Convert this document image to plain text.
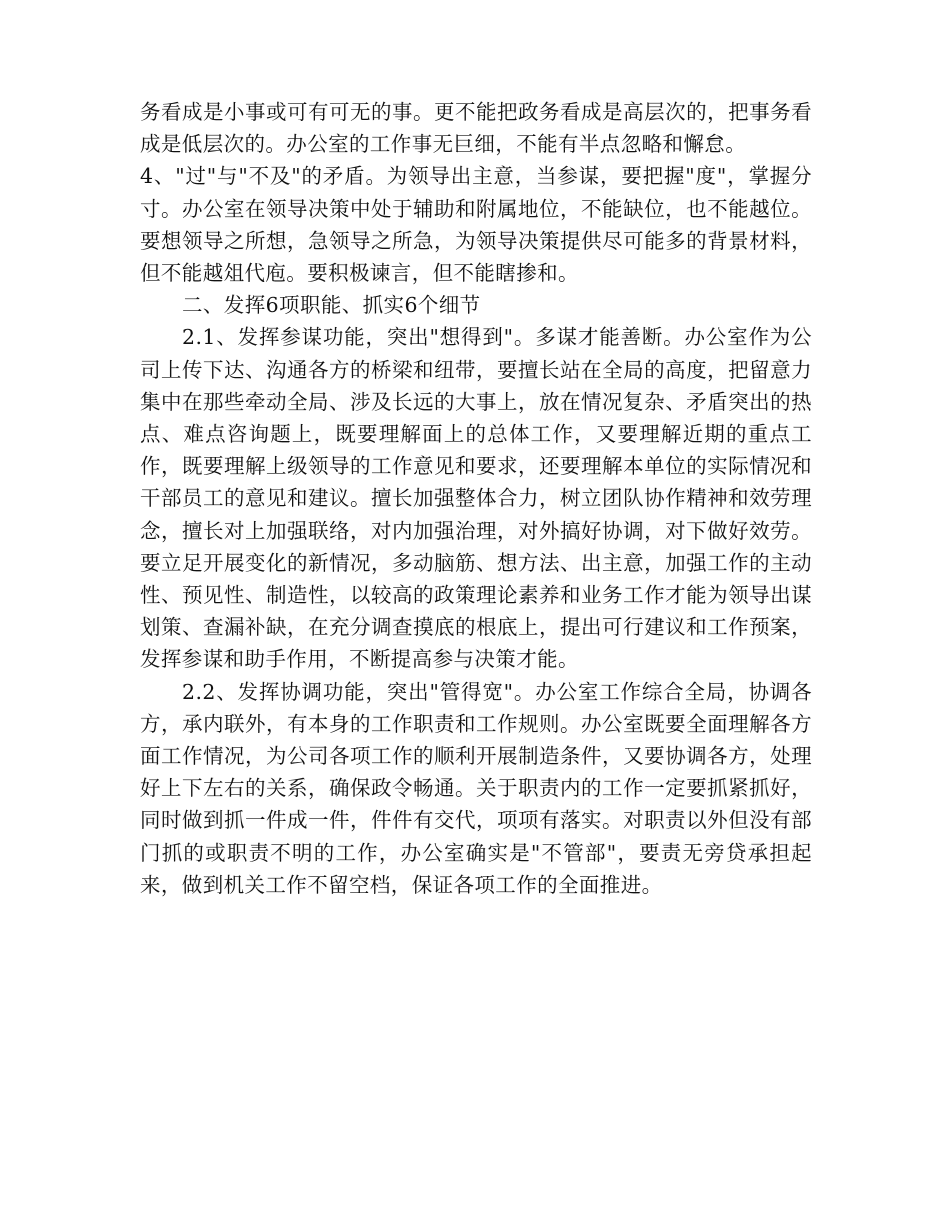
务看成是小事或可有可无的事。更不能把政务看成是高层次的，把事务看成是低层次的。办公室的工作事无巨细，不能有半点忽略和懈怠。

4、"过"与"不及"的矛盾。为领导出主意，当参谋，要把握"度"，掌握分寸。办公室在领导决策中处于辅助和附属地位，不能缺位，也不能越位。要想领导之所想，急领导之所急，为领导决策提供尽可能多的背景材料，但不能越俎代庖。要积极谏言，但不能瞎掺和。

二、发挥6项职能、抓实6个细节

2.1、发挥参谋功能，突出"想得到"。多谋才能善断。办公室作为公司上传下达、沟通各方的桥梁和纽带，要擅长站在全局的高度，把留意力集中在那些牵动全局、涉及长远的大事上，放在情况复杂、矛盾突出的热点、难点咨询题上，既要理解面上的总体工作，又要理解近期的重点工作，既要理解上级领导的工作意见和要求，还要理解本单位的实际情况和干部员工的意见和建议。擅长加强整体合力，树立团队协作精神和效劳理念，擅长对上加强联络，对内加强治理，对外搞好协调，对下做好效劳。要立足开展变化的新情况，多动脑筋、想方法、出主意，加强工作的主动性、预见性、制造性，以较高的政策理论素养和业务工作才能为领导出谋划策、查漏补缺，在充分调查摸底的根底上，提出可行建议和工作预案，发挥参谋和助手作用，不断提高参与决策才能。

2.2、发挥协调功能，突出"管得宽"。办公室工作综合全局，协调各方，承内联外，有本身的工作职责和工作规则。办公室既要全面理解各方面工作情况，为公司各项工作的顺利开展制造条件，又要协调各方，处理好上下左右的关系，确保政令畅通。关于职责内的工作一定要抓紧抓好，同时做到抓一件成一件，件件有交代，项项有落实。对职责以外但没有部门抓的或职责不明的工作，办公室确实是"不管部"，要责无旁贷承担起来，做到机关工作不留空档，保证各项工作的全面推进。
